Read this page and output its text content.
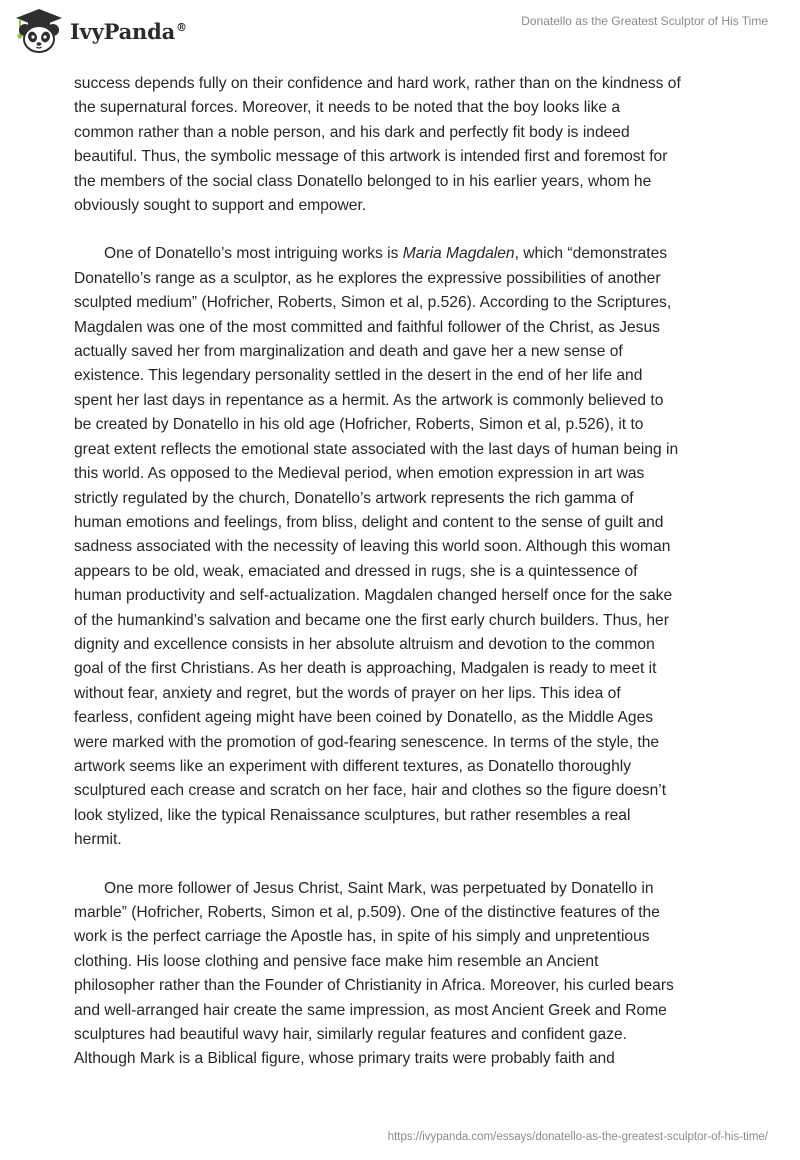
IvyPanda®	Donatello as the Greatest Sculptor of His Time

success depends fully on their confidence and hard work, rather than on the kindness of
the supernatural forces. Moreover, it needs to be noted that the boy looks like a
common rather than a noble person, and his dark and perfectly fit body is indeed
beautiful. Thus, the symbolic message of this artwork is intended first and foremost for
the members of the social class Donatello belonged to in his earlier years, whom he
obviously sought to support and empower.

One of Donatello’s most intriguing works is Maria Magdalen, which “demonstrates
Donatello’s range as a sculptor, as he explores the expressive possibilities of another
sculpted medium” (Hofricher, Roberts, Simon et al, p.526). According to the Scriptures,
Magdalen was one of the most committed and faithful follower of the Christ, as Jesus
actually saved her from marginalization and death and gave her a new sense of
existence. This legendary personality settled in the desert in the end of her life and
spent her last days in repentance as a hermit. As the artwork is commonly believed to
be created by Donatello in his old age (Hofricher, Roberts, Simon et al, p.526), it to
great extent reflects the emotional state associated with the last days of human being in
this world. As opposed to the Medieval period, when emotion expression in art was
strictly regulated by the church, Donatello’s artwork represents the rich gamma of
human emotions and feelings, from bliss, delight and content to the sense of guilt and
sadness associated with the necessity of leaving this world soon. Although this woman
appears to be old, weak, emaciated and dressed in rugs, she is a quintessence of
human productivity and self-actualization. Magdalen changed herself once for the sake
of the humankind’s salvation and became one the first early church builders. Thus, her
dignity and excellence consists in her absolute altruism and devotion to the common
goal of the first Christians. As her death is approaching, Madgalen is ready to meet it
without fear, anxiety and regret, but the words of prayer on her lips. This idea of
fearless, confident ageing might have been coined by Donatello, as the Middle Ages
were marked with the promotion of god-fearing senescence. In terms of the style, the
artwork seems like an experiment with different textures, as Donatello thoroughly
sculptured each crease and scratch on her face, hair and clothes so the figure doesn’t
look stylized, like the typical Renaissance sculptures, but rather resembles a real
hermit.

One more follower of Jesus Christ, Saint Mark, was perpetuated by Donatello in
marble” (Hofricher, Roberts, Simon et al, p.509). One of the distinctive features of the
work is the perfect carriage the Apostle has, in spite of his simply and unpretentious
clothing. His loose clothing and pensive face make him resemble an Ancient
philosopher rather than the Founder of Christianity in Africa. Moreover, his curled bears
and well-arranged hair create the same impression, as most Ancient Greek and Rome
sculptures had beautiful wavy hair, similarly regular features and confident gaze.
Although Mark is a Biblical figure, whose primary traits were probably faith and

https://ivypanda.com/essays/donatello-as-the-greatest-sculptor-of-his-time/
